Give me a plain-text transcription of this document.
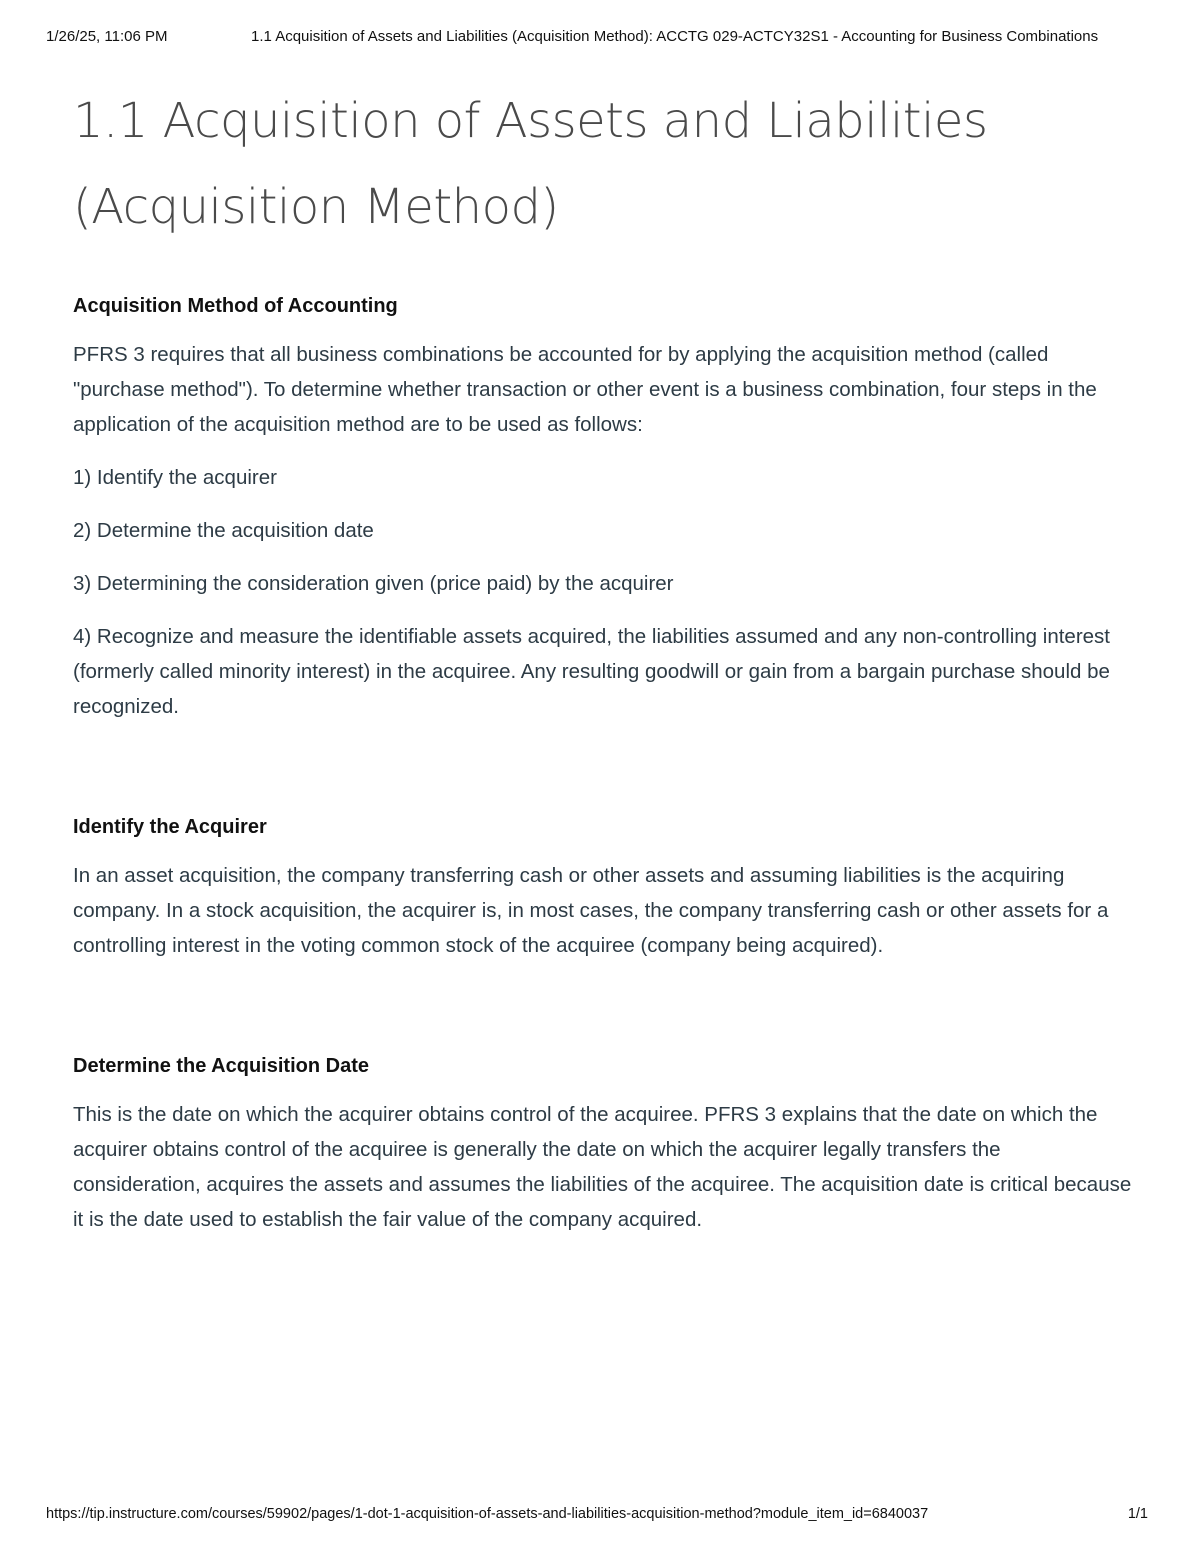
1/26/25, 11:06 PM	1.1 Acquisition of Assets and Liabilities (Acquisition Method): ACCTG 029-ACTCY32S1 - Accounting for Business Combinations
1.1 Acquisition of Assets and Liabilities
(Acquisition Method)
Acquisition Method of Accounting

PFRS 3 requires that all business combinations be accounted for by applying the acquisition method (called "purchase method"). To determine whether transaction or other event is a business combination, four steps in the application of the acquisition method are to be used as follows:

1) Identify the acquirer

2) Determine the acquisition date

3) Determining the consideration given (price paid) by the acquirer

4) Recognize and measure the identifiable assets acquired, the liabilities assumed and any non-controlling interest (formerly called minority interest) in the acquiree. Any resulting goodwill or gain from a bargain purchase should be recognized.

Identify the Acquirer

In an asset acquisition, the company transferring cash or other assets and assuming liabilities is the acquiring company. In a stock acquisition, the acquirer is, in most cases, the company transferring cash or other assets for a controlling interest in the voting common stock of the acquiree (company being acquired).

Determine the Acquisition Date

This is the date on which the acquirer obtains control of the acquiree. PFRS 3 explains that the date on which the acquirer obtains control of the acquiree is generally the date on which the acquirer legally transfers the consideration, acquires the assets and assumes the liabilities of the acquiree. The acquisition date is critical because it is the date used to establish the fair value of the company acquired.

https://tip.instructure.com/courses/59902/pages/1-dot-1-acquisition-of-assets-and-liabilities-acquisition-method?module_item_id=6840037	1/1
